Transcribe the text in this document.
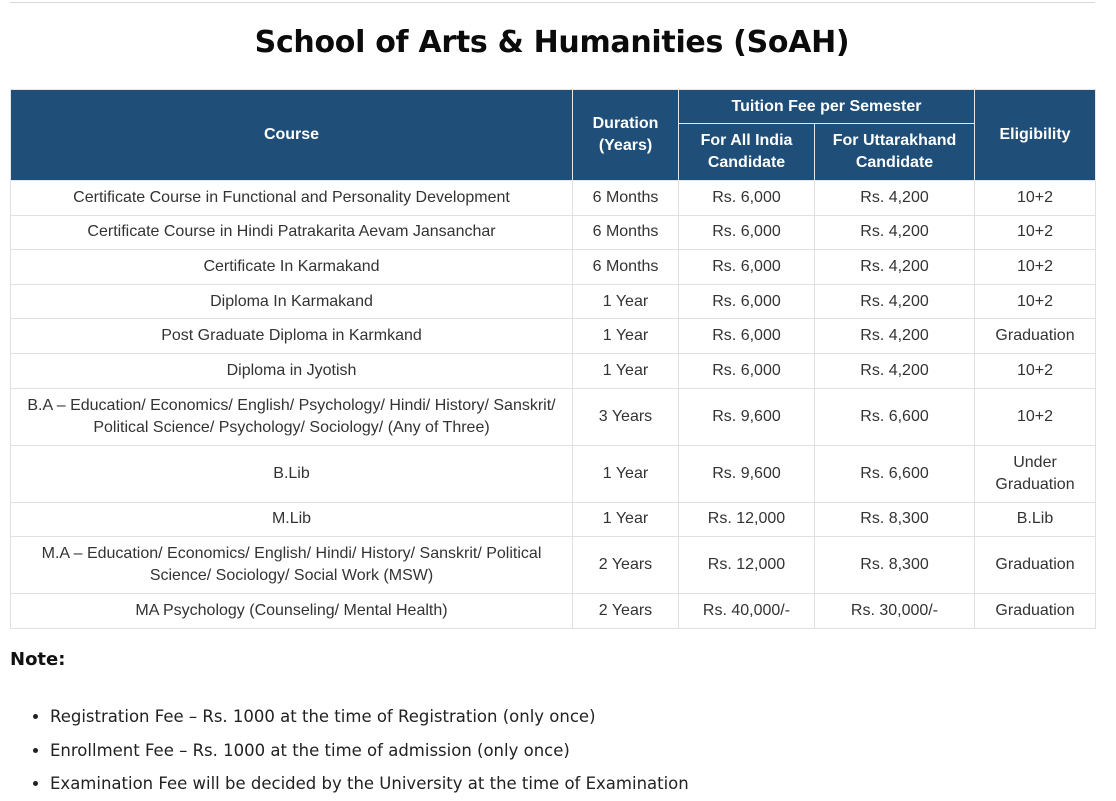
School of Arts & Humanities (SoAH)
Course	Duration (Years)	Tuition Fee per Semester		Eligibility
		For All India Candidate	For Uttarakhand Candidate	
Certificate Course in Functional and Personality Development	6 Months	Rs. 6,000	Rs. 4,200	10+2
Certificate Course in Hindi Patrakarita Aevam Jansanchar	6 Months	Rs. 6,000	Rs. 4,200	10+2
Certificate In Karmakand	6 Months	Rs. 6,000	Rs. 4,200	10+2
Diploma In Karmakand	1 Year	Rs. 6,000	Rs. 4,200	10+2
Post Graduate Diploma in Karmkand	1 Year	Rs. 6,000	Rs. 4,200	Graduation
Diploma in Jyotish	1 Year	Rs. 6,000	Rs. 4,200	10+2
B.A – Education/ Economics/ English/ Psychology/ Hindi/ History/ Sanskrit/ Political Science/ Psychology/ Sociology/ (Any of Three)	3 Years	Rs. 9,600	Rs. 6,600	10+2
B.Lib	1 Year	Rs. 9,600	Rs. 6,600	Under Graduation
M.Lib	1 Year	Rs. 12,000	Rs. 8,300	B.Lib
M.A – Education/ Economics/ English/ Hindi/ History/ Sanskrit/ Political Science/ Sociology/ Social Work (MSW)	2 Years	Rs. 12,000	Rs. 8,300	Graduation
MA Psychology (Counseling/ Mental Health)	2 Years	Rs. 40,000/-	Rs. 30,000/-	Graduation
Note:
• Registration Fee – Rs. 1000 at the time of Registration (only once)
• Enrollment Fee – Rs. 1000 at the time of admission (only once)
• Examination Fee will be decided by the University at the time of Examination
